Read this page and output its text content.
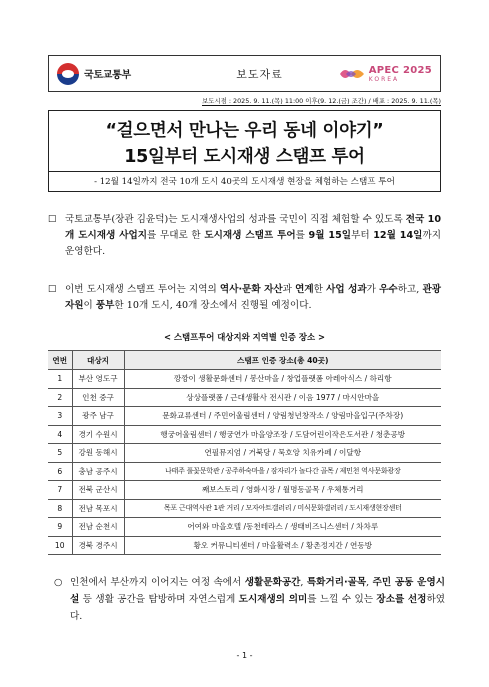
국토교통부	보도자료	APEC 2025
KOREA
보도시점 : 2025. 9. 11.(목) 11:00 이후(9. 12.(금) 조간) / 배포 : 2025. 9. 11.(목)
“걸으면서 만나는 우리 동네 이야기”
15일부터 도시재생 스탬프 투어
- 12월 14일까지 전국 10개 도시 40곳의 도시재생 현장을 체험하는 스탬프 투어
☐ 국토교통부(장관 김윤덕)는 도시재생사업의 성과를 국민이 직접 체험할 수 있도록 전국 10개 도시재생 사업지를 무대로 한 도시재생 스탬프 투어를 9월 15일부터 12월 14일까지 운영한다.
☐ 이번 도시재생 스탬프 투어는 지역의 역사·문화 자산과 연계한 사업 성과가 우수하고, 관광자원이 풍부한 10개 도시, 40개 장소에서 진행될 예정이다.
< 스탬프투어 대상지와 지역별 인증 장소 >
연번	대상지	스탬프 인증 장소(총 40곳)
1	부산 영도구	깡깡이 생활문화센터 / 봉산마을 / 창업플랫폼 아레아식스 / 하리항
2	인천 중구	상상플랫폼 / 근대생활사 전시관 / 이음 1977 / 마시안마을
3	광주 남구	문화교류센터 / 주민어울림센터 / 양림청년창작소 / 양림마을입구(주차장)
4	경기 수원시	행궁어울림센터 / 행궁연가 마을양조장 / 도담어린이작은도서관 / 청춘공방
5	강원 동해시	연필뮤지엄 / 거북당 / 묵호앙 치유카페 / 이달항
6	충남 공주시	나태주 풀꽃문학관 / 공주하숙마을 / 잠자리가 놀다간 골목 / 제민천 역사문화광장
7	전북 군산시	째보스토리 / 영화시장 / 월명동골목 / 우체통거리
8	전남 목포시	목포 근대역사관 1관 거리 / 모자아트갤러리 / 미식문화갤러리 / 도시재생현장센터
9	전남 순천시	어여와 마을호텔 /동천테라스 / 생태비즈니스센터 / 차차루
10	경북 경주시	황오 커뮤니티센터 / 마을활력소 / 황촌정지간 / 연동방
○ 인천에서 부산까지 이어지는 여정 속에서 생활문화공간, 특화거리·골목, 주민 공동 운영시설 등 생활 공간을 탐방하며 자연스럽게 도시재생의 의미를 느낄 수 있는 장소를 선정하였다.
- 1 -
